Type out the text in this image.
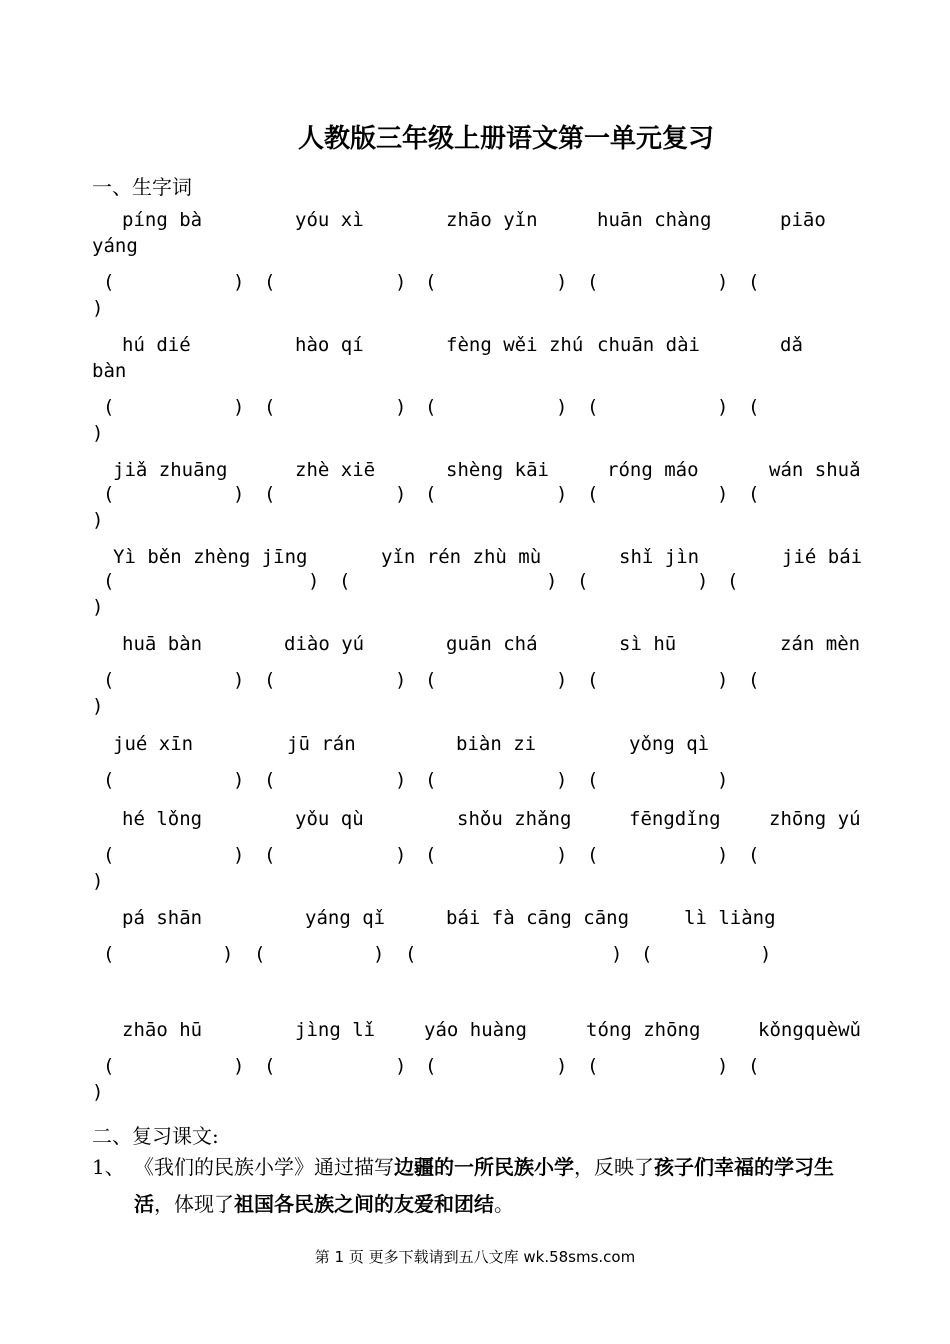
人教版三年级上册语文第一单元复习
一、生字词
píng bà	yóu xì	zhāo yǐn	huān chàng	piāo
yáng
(	) (	) (	) (	) (
)
hú dié	hào qí	fèng wěi zhú chuān dài	dǎ
bàn
(	) (	) (	) (	) (
)
jiǎ zhuāng	zhè xiē	shèng kāi	róng máo	wán shuǎ
(	) (	) (	) (	) (
)
Yì běn zhèng jīng	yǐn rén zhù mù	shǐ jìn	jié bái
(	) (	) (	) (
)
huā bàn	diào yú	guān chá	sì hū	zán mèn
(	) (	) (	) (	) (
)
jué xīn	jū rán	biàn zi	yǒng qì
(	) (	) (	) (	)
hé lǒng	yǒu qù	shǒu zhǎng	fēngdǐng	zhōng yú
(	) (	) (	) (	) (
)
pá shān	yáng qǐ	bái fà cāng cāng	lì liàng
(	) (	) (	) (	)
zhāo hū	jìng lǐ	yáo huàng	tóng zhōng	kǒngquèwǔ
(	) (	) (	) (	) (
)
二、复习课文:
1、 《我们的民族小学》通过描写边疆的一所民族小学，反映了孩子们幸福的学习生活，体现了祖国各民族之间的友爱和团结。
第 1 页 更多下载请到五八文库 wk.58sms.com
